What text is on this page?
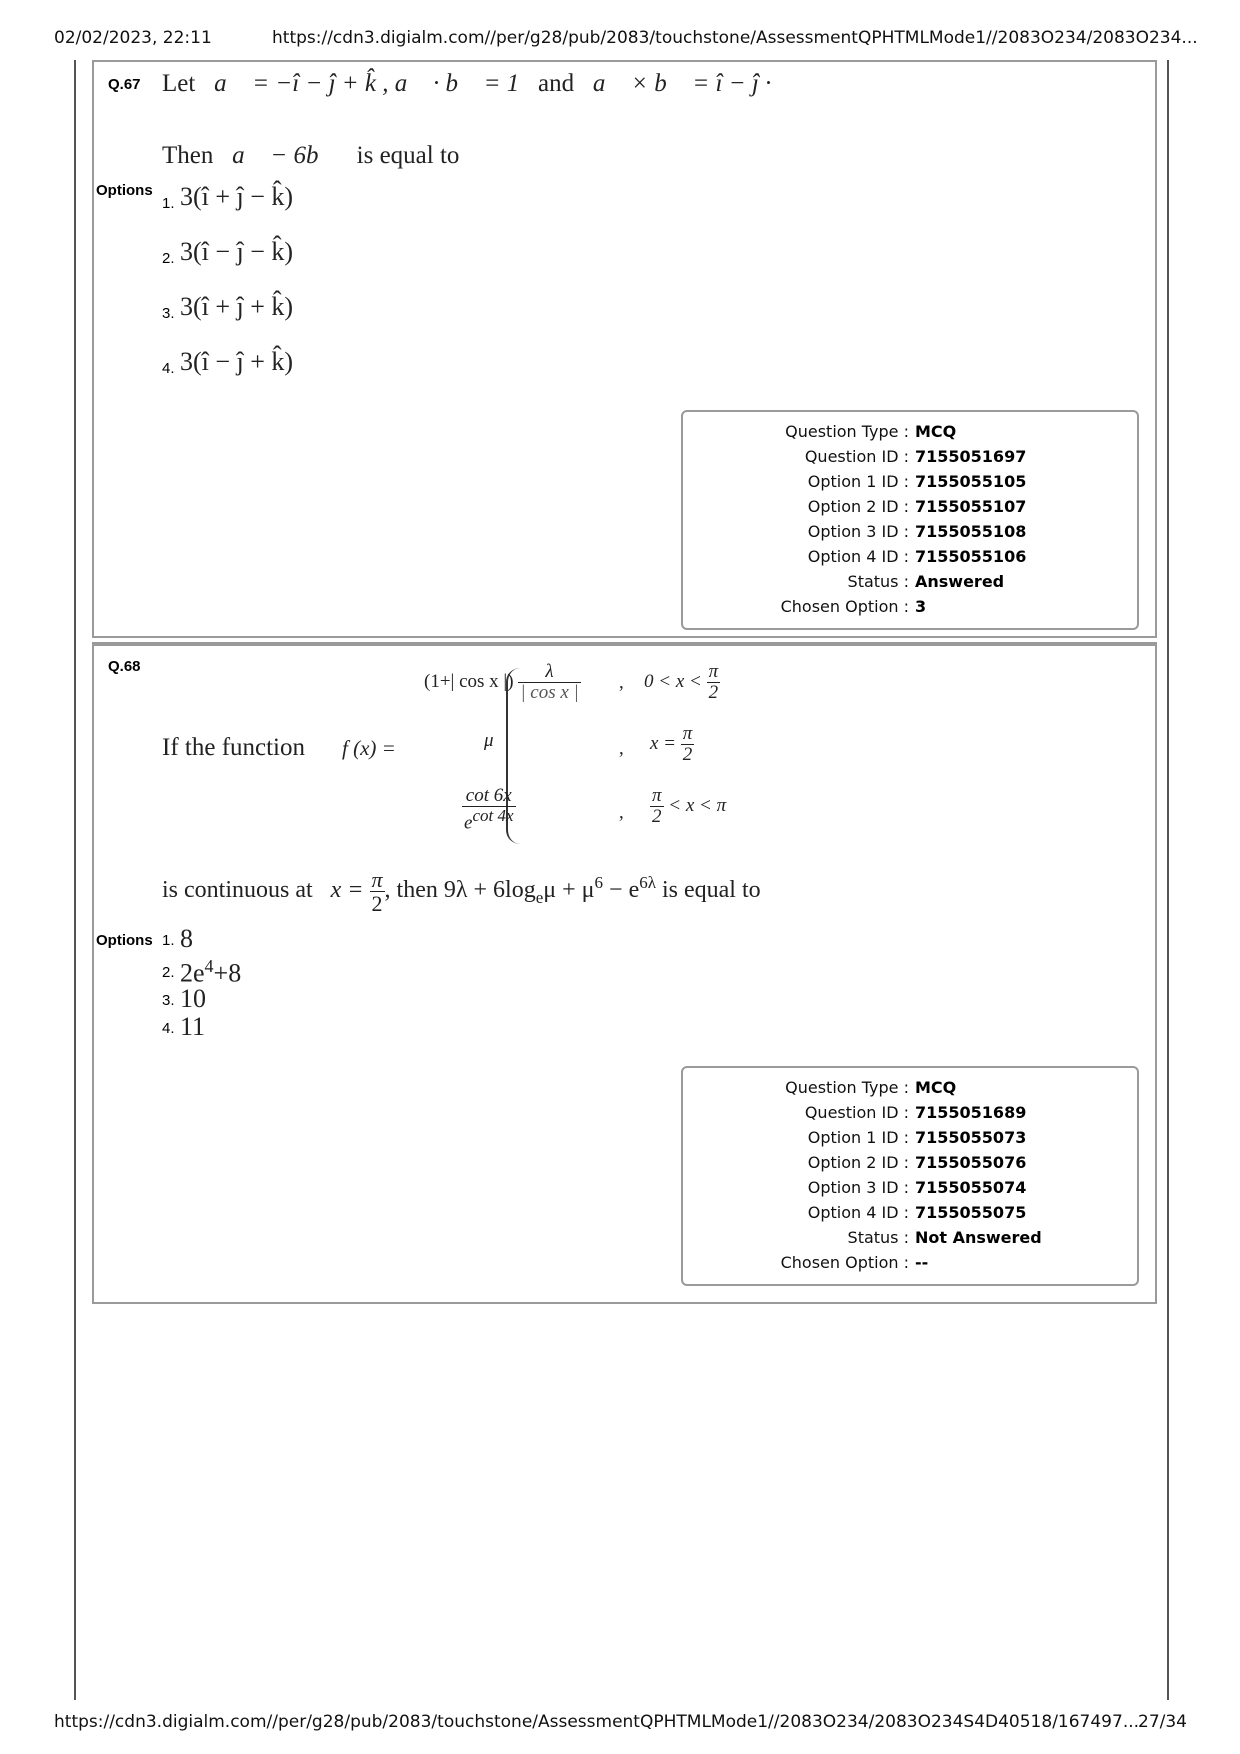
02/02/2023, 22:11	https://cdn3.digialm.com//per/g28/pub/2083/touchstone/AssessmentQPHTMLMode1//2083O234/2083O234...
Q.67 Let a⃗ = −î − ĵ + k̂ , a⃗ · b⃗ = 1 and a⃗ × b⃗ = î − ĵ ·
Then a⃗ − 6b⃗ is equal to
Options
1. 3(î + ĵ − k̂)
2. 3(î − ĵ − k̂)
3. 3(î + ĵ + k̂)
4. 3(î − ĵ + k̂)
Question Type : MCQ
Question ID : 7155051697
Option 1 ID : 7155055105
Option 2 ID : 7155055107
Option 3 ID : 7155055108
Option 4 ID : 7155055106
Status : Answered
Chosen Option : 3
Q.68
If the function f (x) =
(1+| cos x |) $\frac{\lambda}{\text{| cos x |}}$ , $0 < x < \frac{\pi}{2}$
μ	, $x = \frac{\pi}{2}$
$\frac{\cot 6x}{e^{cot 4x}}$	, $\frac{\pi}{2} < x < \pi$
is continuous at $x = \frac{\pi}{2}$ , then $9\lambda + 6\log_e\mu + \mu^6 - e^{6\lambda}$ is equal to
Options 1. 8
2. $2e^4+8$
3. 10
4. 11
Question Type : MCQ
Question ID : 7155051689
Option 1 ID : 7155055073
Option 2 ID : 7155055076
Option 3 ID : 7155055074
Option 4 ID : 7155055075
Status : Not Answered
Chosen Option : --
https://cdn3.digialm.com//per/g28/pub/2083/touchstone/AssessmentQPHTMLMode1//2083O234/2083O234S4D40518/167497...
27/34
